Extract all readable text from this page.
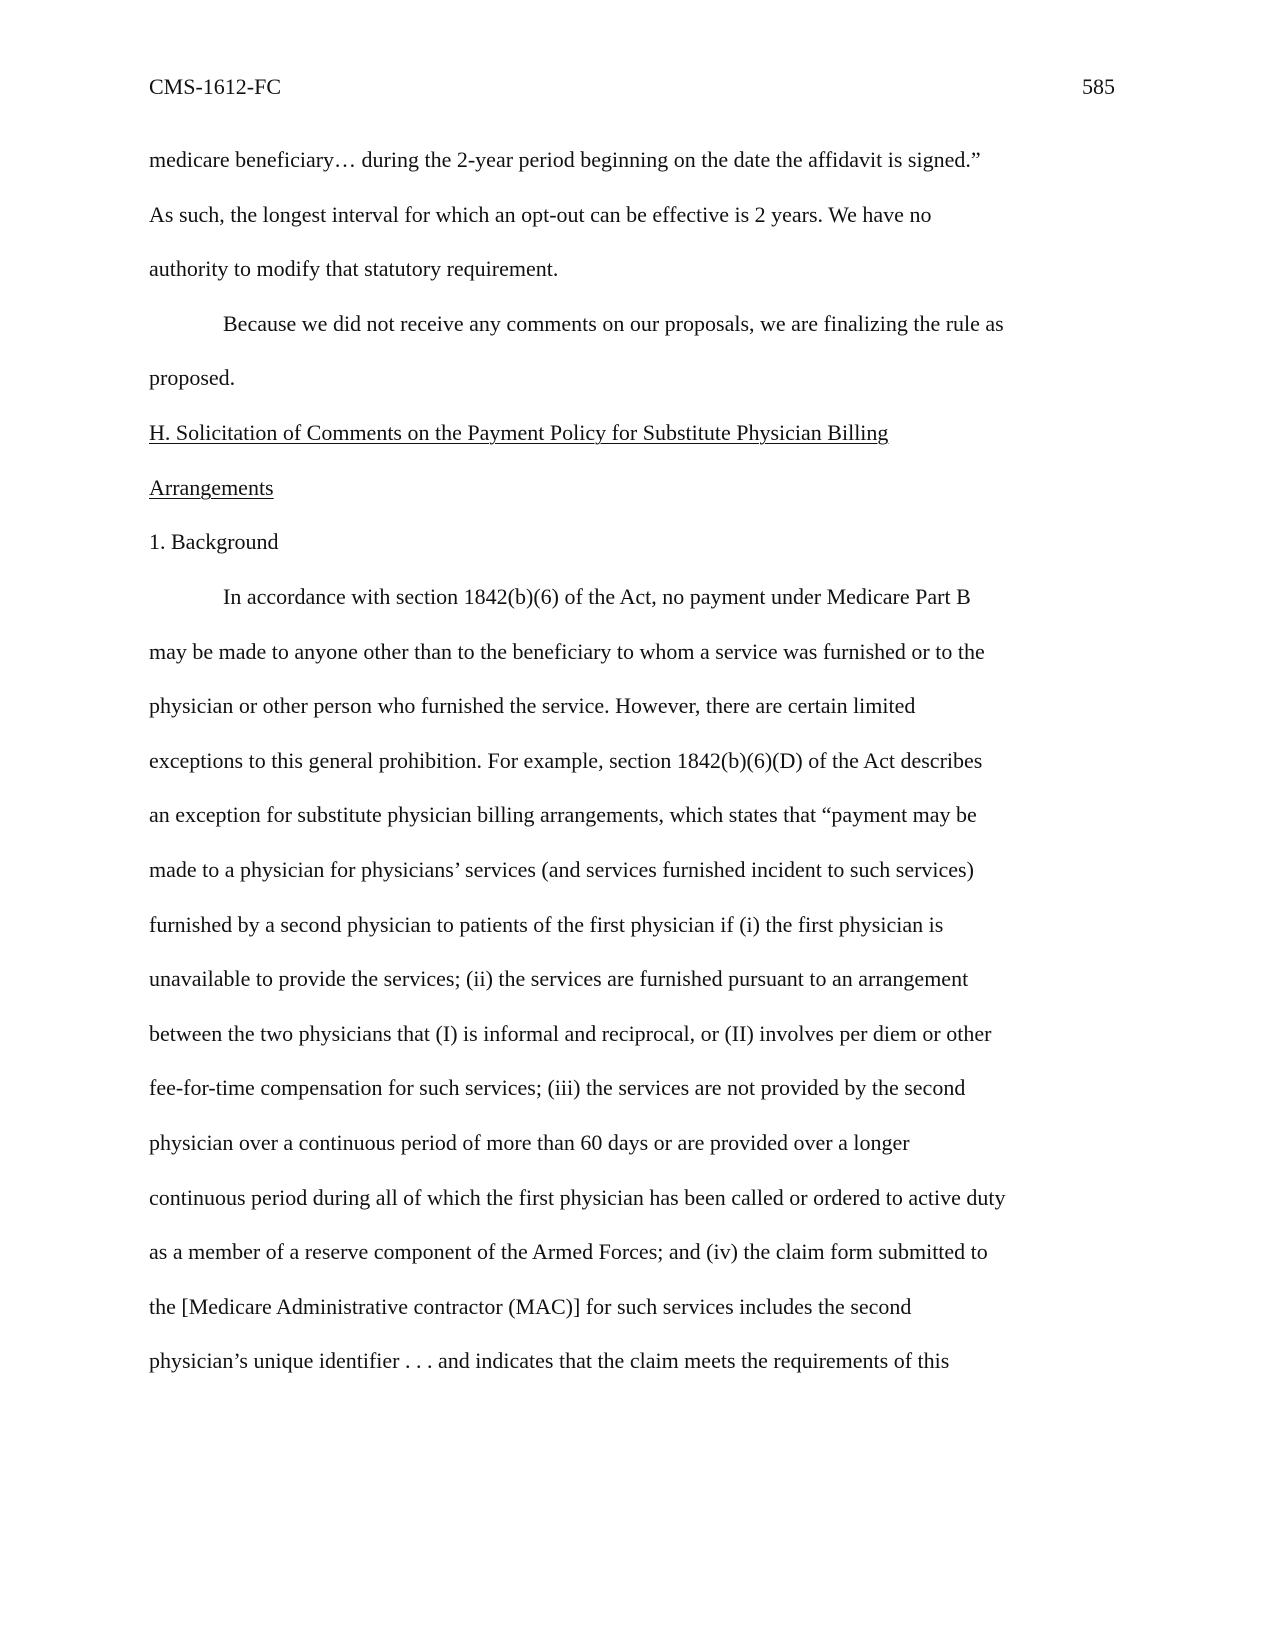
CMS-1612-FC	585
medicare beneficiary… during the 2-year period beginning on the date the affidavit is signed.”
As such, the longest interval for which an opt-out can be effective is 2 years. We have no
authority to modify that statutory requirement.
Because we did not receive any comments on our proposals, we are finalizing the rule as
proposed.
H. Solicitation of Comments on the Payment Policy for Substitute Physician Billing
Arrangements
1. Background
In accordance with section 1842(b)(6) of the Act, no payment under Medicare Part B
may be made to anyone other than to the beneficiary to whom a service was furnished or to the
physician or other person who furnished the service. However, there are certain limited
exceptions to this general prohibition. For example, section 1842(b)(6)(D) of the Act describes
an exception for substitute physician billing arrangements, which states that “payment may be
made to a physician for physicians’ services (and services furnished incident to such services)
furnished by a second physician to patients of the first physician if (i) the first physician is
unavailable to provide the services; (ii) the services are furnished pursuant to an arrangement
between the two physicians that (I) is informal and reciprocal, or (II) involves per diem or other
fee-for-time compensation for such services; (iii) the services are not provided by the second
physician over a continuous period of more than 60 days or are provided over a longer
continuous period during all of which the first physician has been called or ordered to active duty
as a member of a reserve component of the Armed Forces; and (iv) the claim form submitted to
the [Medicare Administrative contractor (MAC)] for such services includes the second
physician’s unique identifier . . . and indicates that the claim meets the requirements of this
